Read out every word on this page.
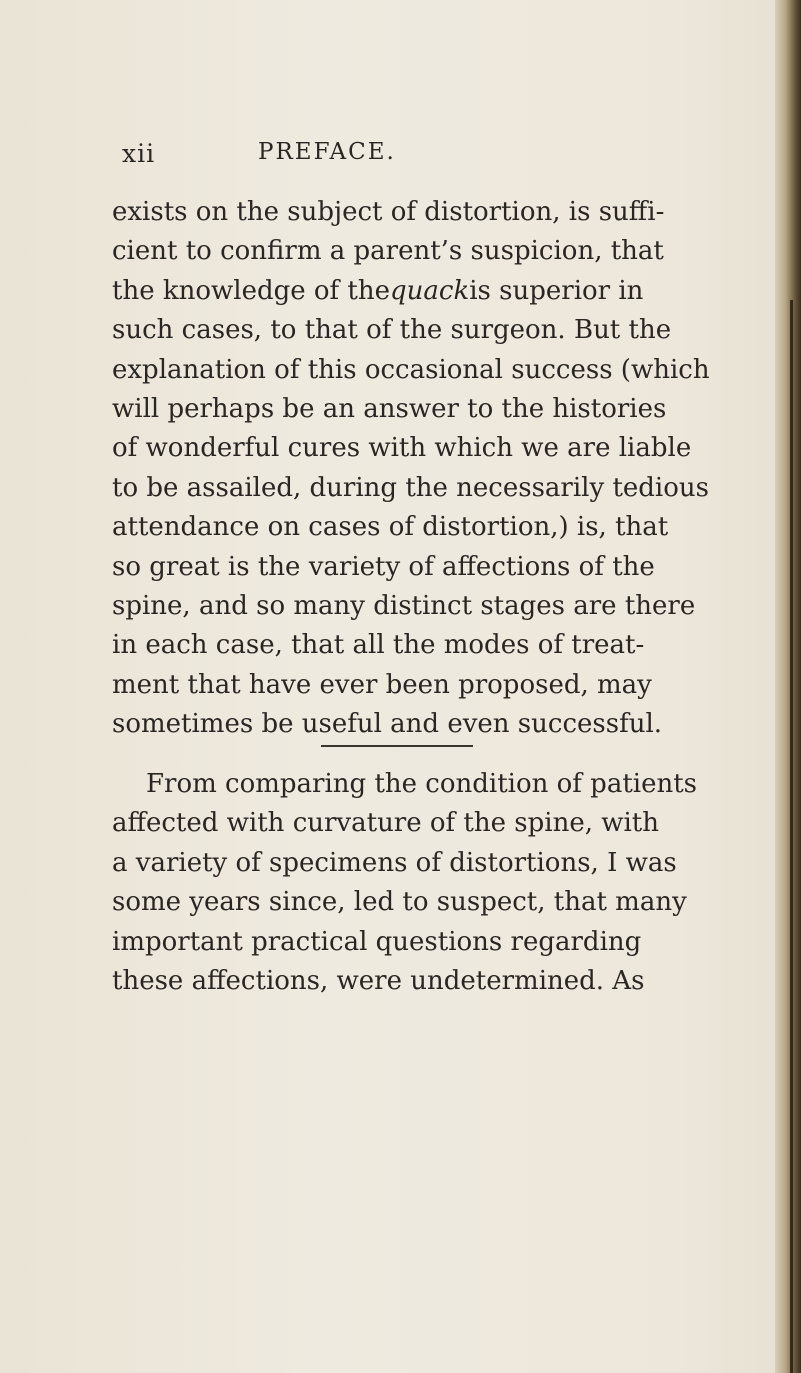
xii	PREFACE.
exists on the subject of distortion, is suffi-
cient to confirm a parent’s suspicion, that
the knowledge of thequackis superior in
such cases, to that of the surgeon. But the
explanation of this occasional success (which
will perhaps be an answer to the histories
of wonderful cures with which we are liable
to be assailed, during the necessarily tedious
attendance on cases of distortion,) is, that
so great is the variety of affections of the
spine, and so many distinct stages are there
in each case, that all the modes of treat-
ment that have ever been proposed, may
sometimes be useful and even successful.
From comparing the condition of patients
affected with curvature of the spine, with
a variety of specimens of distortions, I was
some years since, led to suspect, that many
important practical questions regarding
these affections, were undetermined. As
